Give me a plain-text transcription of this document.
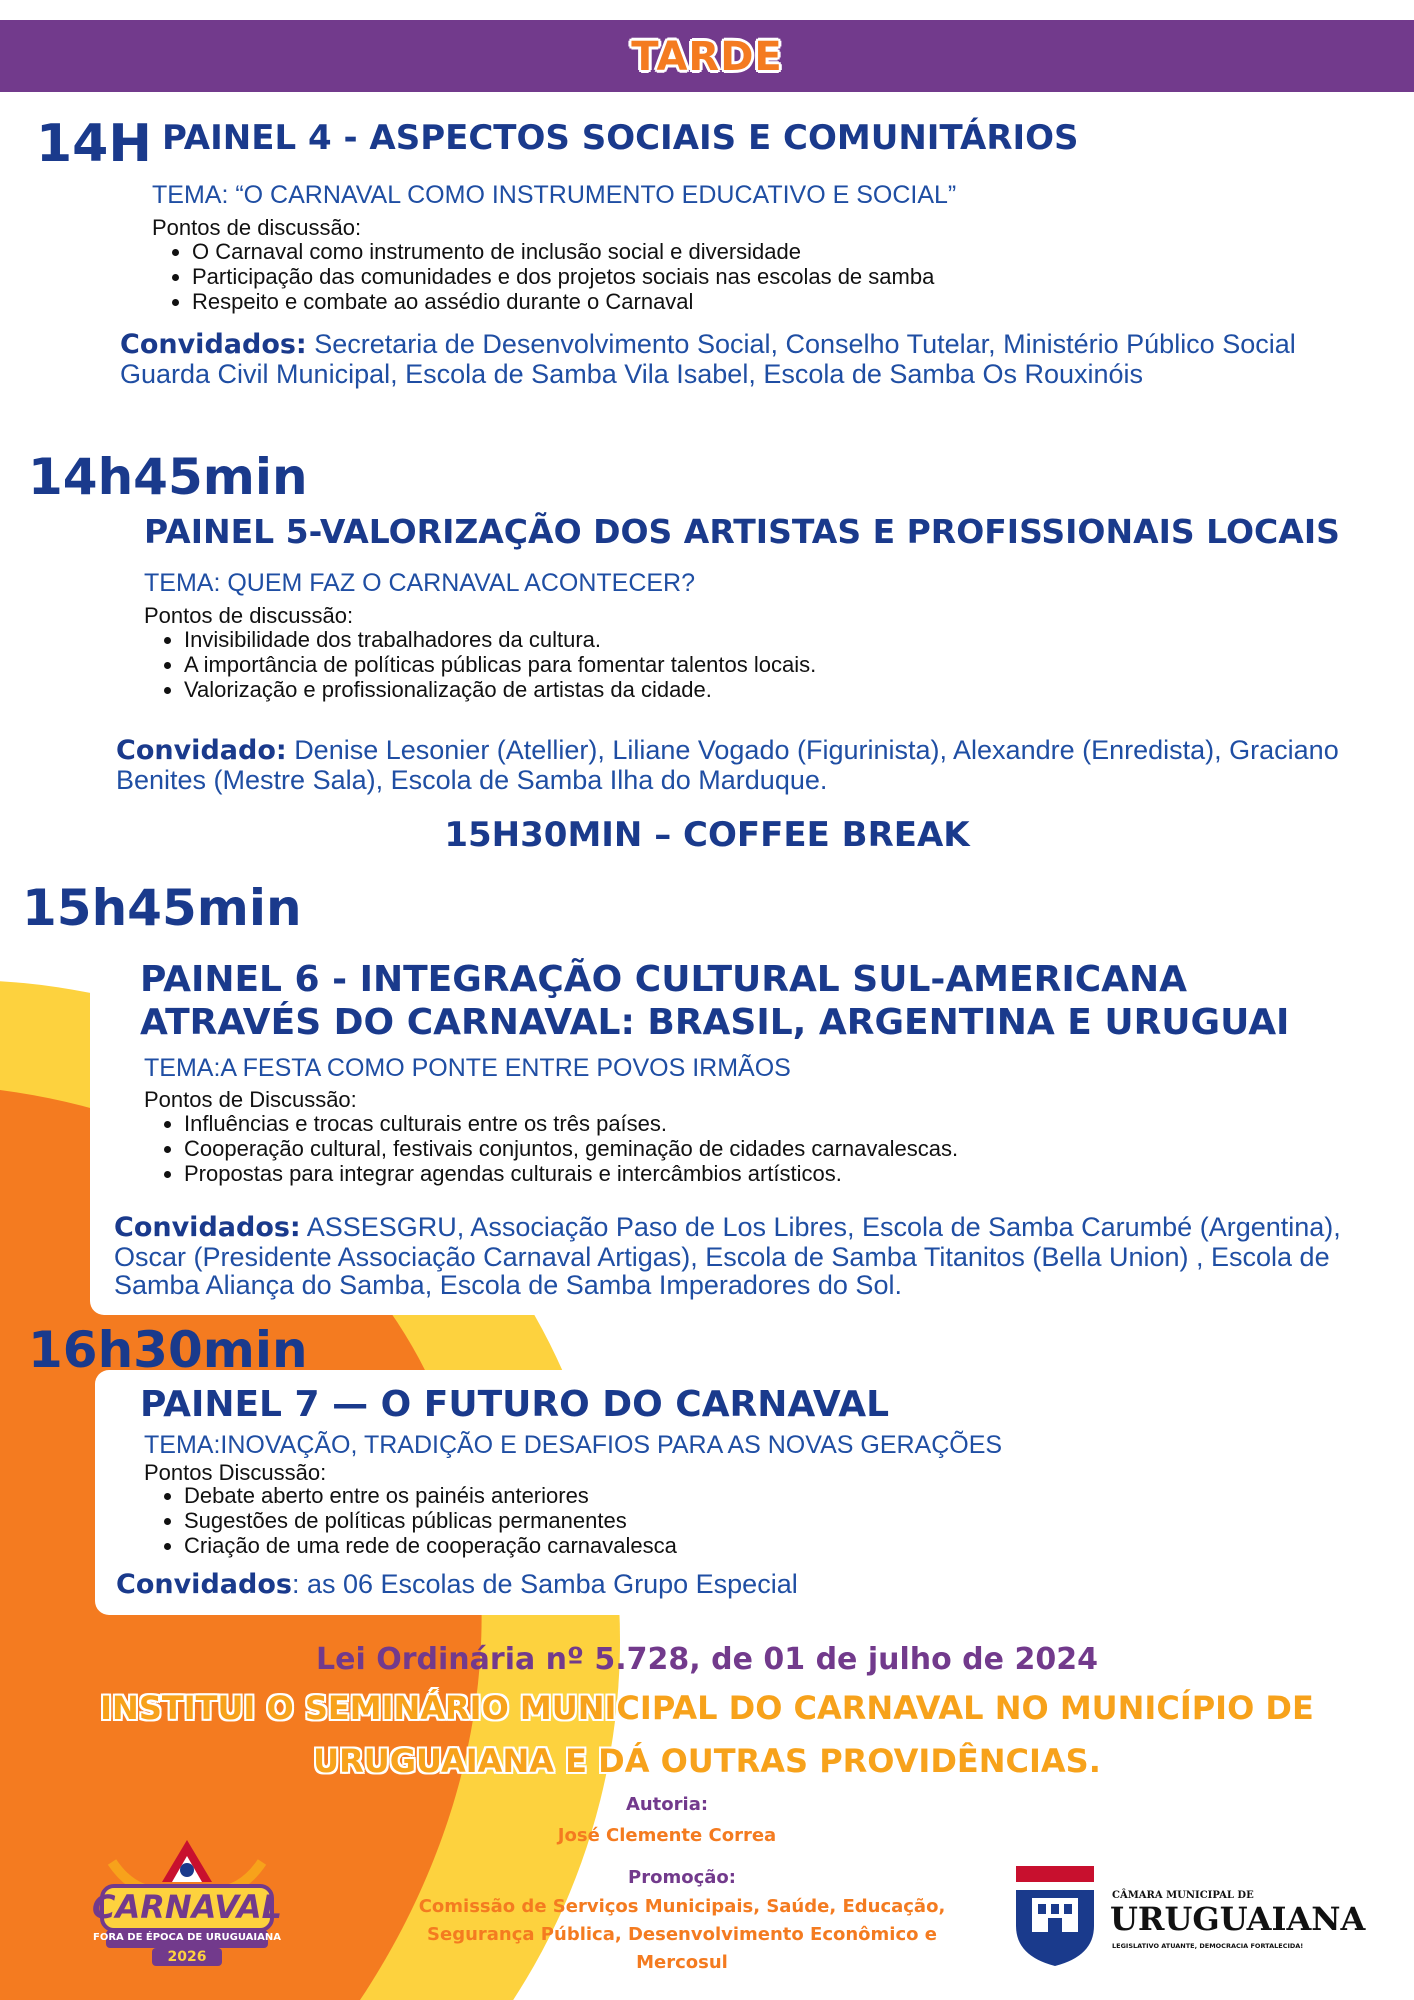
TARDE
14H PAINEL 4 - ASPECTOS SOCIAIS E COMUNITÁRIOS
TEMA: “O CARNAVAL COMO INSTRUMENTO EDUCATIVO E SOCIAL”
Pontos de discussão:
• O Carnaval como instrumento de inclusão social e diversidade
• Participação das comunidades e dos projetos sociais nas escolas de samba
• Respeito e combate ao assédio durante o Carnaval
Convidados: Secretaria de Desenvolvimento Social, Conselho Tutelar, Ministério Público Social Guarda Civil Municipal, Escola de Samba Vila Isabel, Escola de Samba Os Rouxinóis
14h45min
PAINEL 5-VALORIZAÇÃO DOS ARTISTAS E PROFISSIONAIS LOCAIS
TEMA: QUEM FAZ O CARNAVAL ACONTECER?
Pontos de discussão:
• Invisibilidade dos trabalhadores da cultura.
• A importância de políticas públicas para fomentar talentos locais.
• Valorização e profissionalização de artistas da cidade.
Convidado: Denise Lesonier (Atellier), Liliane Vogado (Figurinista), Alexandre (Enredista), Graciano Benites (Mestre Sala), Escola de Samba Ilha do Marduque.
15H30MIN – COFFEE BREAK
15h45min
PAINEL 6 - INTEGRAÇÃO CULTURAL SUL-AMERICANA ATRAVÉS DO CARNAVAL: BRASIL, ARGENTINA E URUGUAI
TEMA:A FESTA COMO PONTE ENTRE POVOS IRMÃOS
Pontos de Discussão:
• Influências e trocas culturais entre os três países.
• Cooperação cultural, festivais conjuntos, geminação de cidades carnavalescas.
• Propostas para integrar agendas culturais e intercâmbios artísticos.
Convidados: ASSESGRU, Associação Paso de Los Libres, Escola de Samba Carumbé (Argentina), Oscar (Presidente Associação Carnaval Artigas), Escola de Samba Titanitos (Bella Union) , Escola de Samba Aliança do Samba, Escola de Samba Imperadores do Sol.
16h30min
PAINEL 7 — O FUTURO DO CARNAVAL
TEMA:INOVAÇÃO, TRADIÇÃO E DESAFIOS PARA AS NOVAS GERAÇÕES
Pontos Discussão:
• Debate aberto entre os painéis anteriores
• Sugestões de políticas públicas permanentes
• Criação de uma rede de cooperação carnavalesca
Convidados: as 06 Escolas de Samba Grupo Especial
Lei Ordinária nº 5.728, de 01 de julho de 2024
INSTITUI O SEMINÁRIO MUNICIPAL DO CARNAVAL NO MUNICÍPIO DE
URUGUAIANA E DÁ OUTRAS PROVIDÊNCIAS.
Autoria:
José Clemente Correa
Promoção:
Comissão de Serviços Municipais, Saúde, Educação,
Segurança Pública, Desenvolvimento Econômico e
Mercosul
CARNAVAL
FORA DE ÉPOCA DE URUGUAIANA
2026
CÂMARA MUNICIPAL DE
URUGUAIANA
LEGISLATIVO ATUANTE, DEMOCRACIA FORTALECIDA!
